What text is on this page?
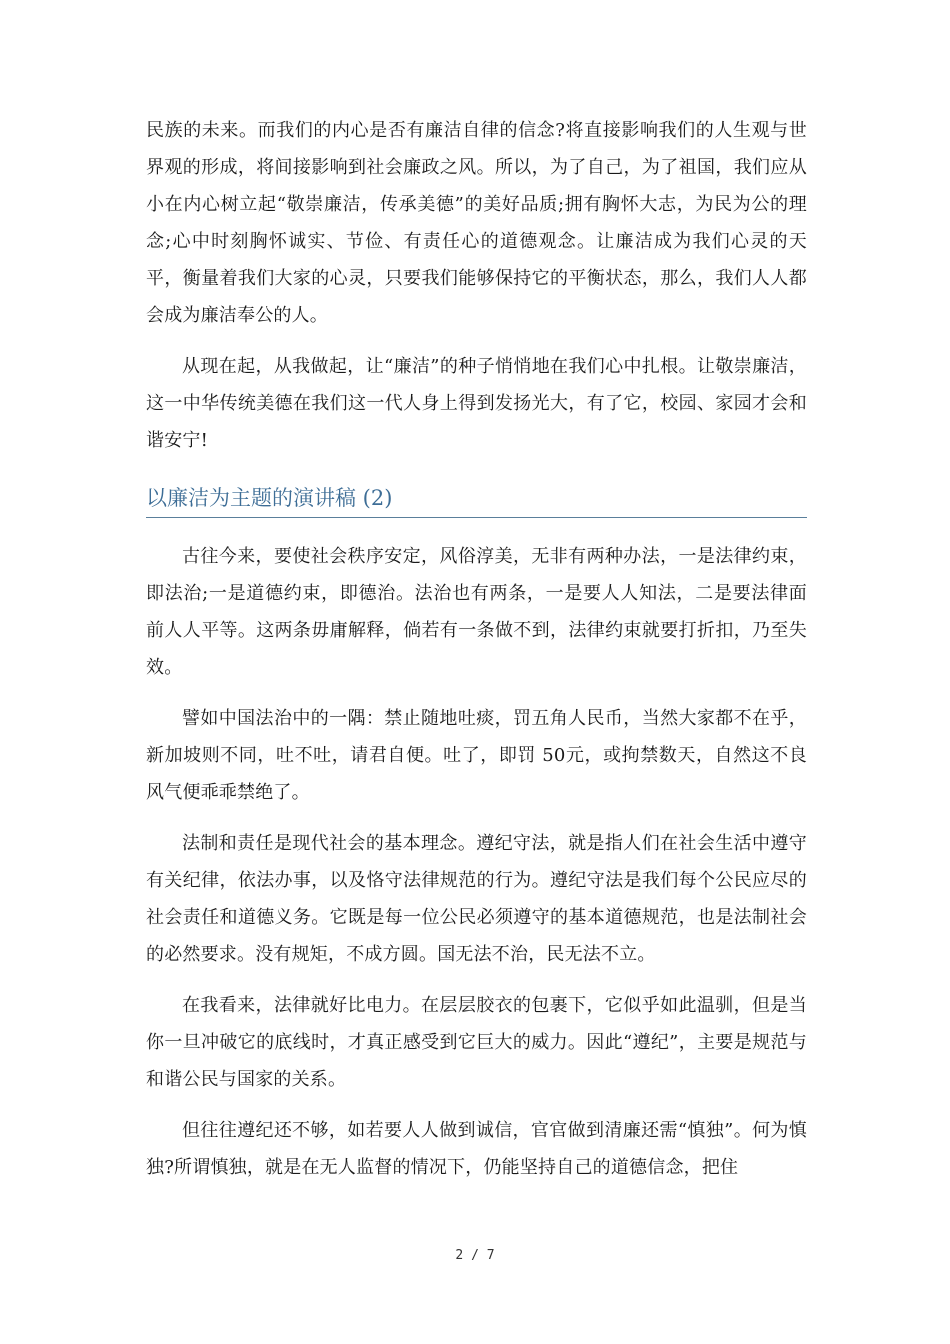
民族的未来。而我们的内心是否有廉洁自律的信念?将直接影响我们的人生观与世界观的形成，将间接影响到社会廉政之风。所以，为了自己，为了祖国，我们应从小在内心树立起“敬崇廉洁，传承美德”的美好品质;拥有胸怀大志，为民为公的理念;心中时刻胸怀诚实、节俭、有责任心的道德观念。让廉洁成为我们心灵的天平，衡量着我们大家的心灵，只要我们能够保持它的平衡状态，那么，我们人人都会成为廉洁奉公的人。

从现在起，从我做起，让“廉洁”的种子悄悄地在我们心中扎根。让敬崇廉洁，这一中华传统美德在我们这一代人身上得到发扬光大，有了它，校园、家园才会和谐安宁!

以廉洁为主题的演讲稿 (2)

古往今来，要使社会秩序安定，风俗淳美，无非有两种办法，一是法律约束，即法治;一是道德约束，即德治。法治也有两条，一是要人人知法，二是要法律面前人人平等。这两条毋庸解释，倘若有一条做不到，法律约束就要打折扣，乃至失效。

譬如中国法治中的一隅：禁止随地吐痰，罚五角人民币，当然大家都不在乎，新加坡则不同，吐不吐，请君自便。吐了，即罚 50元，或拘禁数天，自然这不良风气便乖乖禁绝了。

法制和责任是现代社会的基本理念。遵纪守法，就是指人们在社会生活中遵守有关纪律，依法办事，以及恪守法律规范的行为。遵纪守法是我们每个公民应尽的社会责任和道德义务。它既是每一位公民必须遵守的基本道德规范，也是法制社会的必然要求。没有规矩，不成方圆。国无法不治，民无法不立。

在我看来，法律就好比电力。在层层胶衣的包裹下，它似乎如此温驯，但是当你一旦冲破它的底线时，才真正感受到它巨大的威力。因此“遵纪”，主要是规范与和谐公民与国家的关系。

但往往遵纪还不够，如若要人人做到诚信，官官做到清廉还需“慎独”。何为慎独?所谓慎独，就是在无人监督的情况下，仍能坚持自己的道德信念，把住

2 / 7
